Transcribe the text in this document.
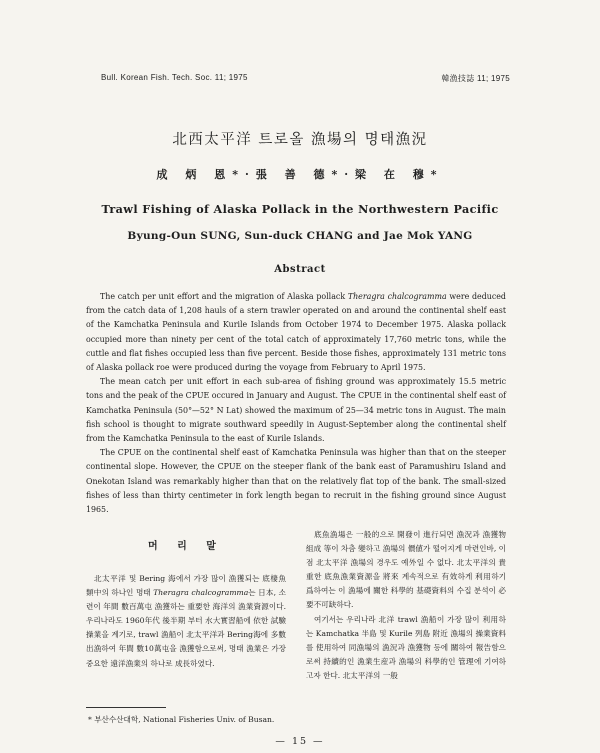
Bull. Korean Fish. Tech. Soc. 11; 1975	韓漁技誌 11; 1975
北西太平洋 트로올 漁場의 명태漁況
成 炳 恩*·張 善 德*·梁 在 穆*
Trawl Fishing of Alaska Pollack in the Northwestern Pacific
Byung-Oun SUNG, Sun-duck CHANG and Jae Mok YANG
Abstract

The catch per unit effort and the migration of Alaska pollack Theragra chalcogramma were deduced from the catch data of 1,208 hauls of a stern trawler operated on and around the continental shelf east of the Kamchatka Peninsula and Kurile Islands from October 1974 to December 1975. Alaska pollack occupied more than ninety per cent of the total catch of approximately 17,760 metric tons, while the cuttle and flat fishes occupied less than five percent. Beside those fishes, approximately 131 metric tons of Alaska pollack roe were produced during the voyage from February to April 1975.

The mean catch per unit effort in each sub-area of fishing ground was approximately 15.5 metric tons and the peak of the CPUE occured in January and August. The CPUE in the continental shelf east of Kamchatka Peninsula (50°—52° N Lat) showed the maximum of 25—34 metric tons in August. The main fish school is thought to migrate southward speedily in August-September along the continental shelf from the Kamchatka Peninsula to the east of Kurile Islands.

The CPUE on the continental shelf east of Kamchatka Peninsula was higher than that on the steeper continental slope. However, the CPUE on the steeper flank of the bank east of Paramushiru Island and Onekotan Island was remarkably higher than that on the relatively flat top of the bank. The small-sized fishes of less than thirty centimeter in fork length began to recruit in the fishing ground since August 1965.

머 리 말

北太平洋 및 Bering 海에서 가장 많이 漁獲되는 底棲魚類中의 하나인 명태 Theragra chalcogramma는 日本, 소련이 年間 數百萬屯 漁獲하는 重要한 海洋의 漁業資源이다. 우리나라도 1960年代 後半期 부터 水大實習船에 依한 試驗操業을 계기로, trawl 漁船이 北太平洋과 Bering海에 多數 出漁하여 年間 數10萬屯을 漁獲함으로써, 명태 漁業은 가장 중요한 遠洋漁業의 하나로 成長하였다.

底魚漁場은 一般的으로 開發이 進行되면 漁況과 漁獲物組成 等이 차츰 變하고 漁場의 價値가 떨어지게 마련인바, 이점 北太平洋 漁場의 경우도 예外일 수 없다. 北太平洋의 貴重한 底魚漁業資源을 將來 계속적으로 有效하게 利用하기 爲하여는 이 漁場에 關한 科學的 基礎資料의 수집 분석이 必要不可缺하다.

여기서는 우리나라 北洋 trawl 漁船이 가장 많이 利用하는 Kamchatka 半島 및 Kurile 列島 附近 漁場의 操業資料를 使用하여 同漁場의 漁況과 漁獲物 등에 關하여 報告함으로써 持續的인 漁業生産과 漁場의 科學的인 管理에 기여하고자 한다. 北太平洋의 一般

* 부산수산대학, National Fisheries Univ. of Busan.
— 15 —
